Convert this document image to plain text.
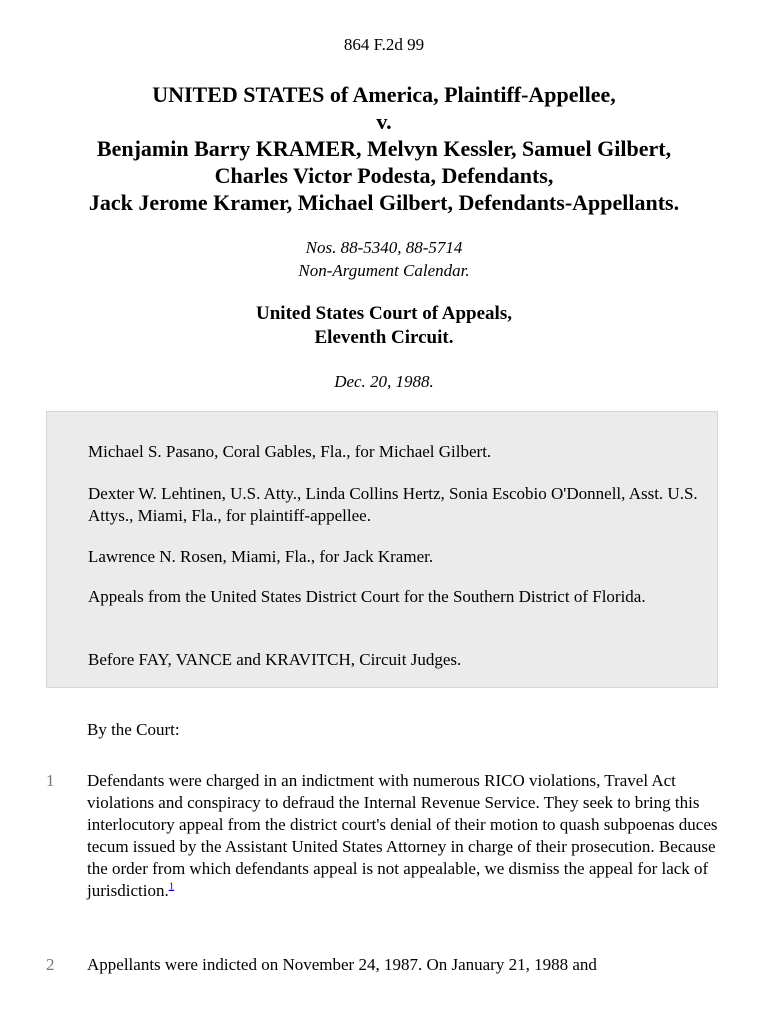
864 F.2d 99
UNITED STATES of America, Plaintiff-Appellee,
v.
Benjamin Barry KRAMER, Melvyn Kessler, Samuel Gilbert,
Charles Victor Podesta, Defendants,
Jack Jerome Kramer, Michael Gilbert, Defendants-Appellants.
Nos. 88-5340, 88-5714
Non-Argument Calendar.
United States Court of Appeals,
Eleventh Circuit.
Dec. 20, 1988.
Michael S. Pasano, Coral Gables, Fla., for Michael Gilbert.
Dexter W. Lehtinen, U.S. Atty., Linda Collins Hertz, Sonia Escobio O'Donnell, Asst. U.S. Attys., Miami, Fla., for plaintiff-appellee.
Lawrence N. Rosen, Miami, Fla., for Jack Kramer.
Appeals from the United States District Court for the Southern District of Florida.
Before FAY, VANCE and KRAVITCH, Circuit Judges.
By the Court:
1 Defendants were charged in an indictment with numerous RICO violations, Travel Act violations and conspiracy to defraud the Internal Revenue Service. They seek to bring this interlocutory appeal from the district court's denial of their motion to quash subpoenas duces tecum issued by the Assistant United States Attorney in charge of their prosecution. Because the order from which defendants appeal is not appealable, we dismiss the appeal for lack of jurisdiction.$^1$
2 Appellants were indicted on November 24, 1987. On January 21, 1988 and
